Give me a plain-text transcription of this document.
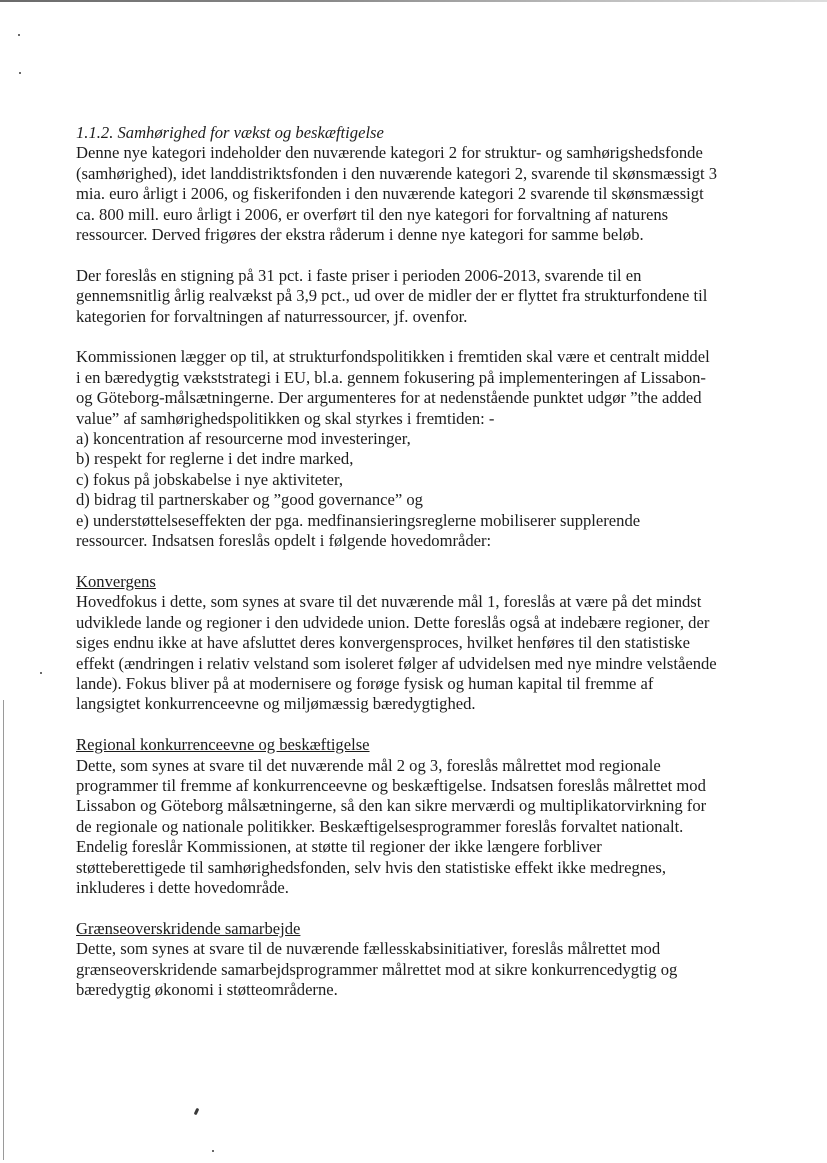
1.1.2. Samhørighed for vækst og beskæftigelse

Denne nye kategori indeholder den nuværende kategori 2 for struktur- og samhørigshedsfonde
(samhørighed), idet landdistriktsfonden i den nuværende kategori 2, svarende til skønsmæssigt 3
mia. euro årligt i 2006, og fiskerifonden i den nuværende kategori 2 svarende til skønsmæssigt
ca. 800 mill. euro årligt i 2006, er overført til den nye kategori for forvaltning af naturens
ressourcer. Derved frigøres der ekstra råderum i denne nye kategori for samme beløb.

Der foreslås en stigning på 31 pct. i faste priser i perioden 2006-2013, svarende til en
gennemsnitlig årlig realvækst på 3,9 pct., ud over de midler der er flyttet fra strukturfondene til
kategorien for forvaltningen af naturressourcer, jf. ovenfor.

Kommissionen lægger op til, at strukturfondspolitikken i fremtiden skal være et centralt middel
i en bæredygtig vækststrategi i EU, bl.a. gennem fokusering på implementeringen af Lissabon-
og Göteborg-målsætningerne. Der argumenteres for at nedenstående punktet udgør ”the added
value” af samhørighedspolitikken og skal styrkes i fremtiden: -
a) koncentration af resourcerne mod investeringer,
b) respekt for reglerne i det indre marked,
c) fokus på jobskabelse i nye aktiviteter,
d) bidrag til partnerskaber og ”good governance” og
e) understøttelseseffekten der pga. medfinansieringsreglerne mobiliserer supplerende
ressourcer. Indsatsen foreslås opdelt i følgende hovedområder:

Konvergens
Hovedfokus i dette, som synes at svare til det nuværende mål 1, foreslås at være på det mindst
udviklede lande og regioner i den udvidede union. Dette foreslås også at indebære regioner, der
siges endnu ikke at have afsluttet deres konvergensproces, hvilket henføres til den statistiske
effekt (ændringen i relativ velstand som isoleret følger af udvidelsen med nye mindre velstående
lande). Fokus bliver på at modernisere og forøge fysisk og human kapital til fremme af
langsigtet konkurrenceevne og miljømæssig bæredygtighed.

Regional konkurrenceevne og beskæftigelse
Dette, som synes at svare til det nuværende mål 2 og 3, foreslås målrettet mod regionale
programmer til fremme af konkurrenceevne og beskæftigelse. Indsatsen foreslås målrettet mod
Lissabon og Göteborg målsætningerne, så den kan sikre merværdi og multiplikatorvirkning for
de regionale og nationale politikker. Beskæftigelsesprogrammer foreslås forvaltet nationalt.
Endelig foreslår Kommissionen, at støtte til regioner der ikke længere forbliver
støtteberettigede til samhørighedsfonden, selv hvis den statistiske effekt ikke medregnes,
inkluderes i dette hovedområde.

Grænseoverskridende samarbejde
Dette, som synes at svare til de nuværende fællesskabsinitiativer, foreslås målrettet mod
grænseoverskridende samarbejdsprogrammer målrettet mod at sikre konkurrencedygtig og
bæredygtig økonomi i støtteområderne.
